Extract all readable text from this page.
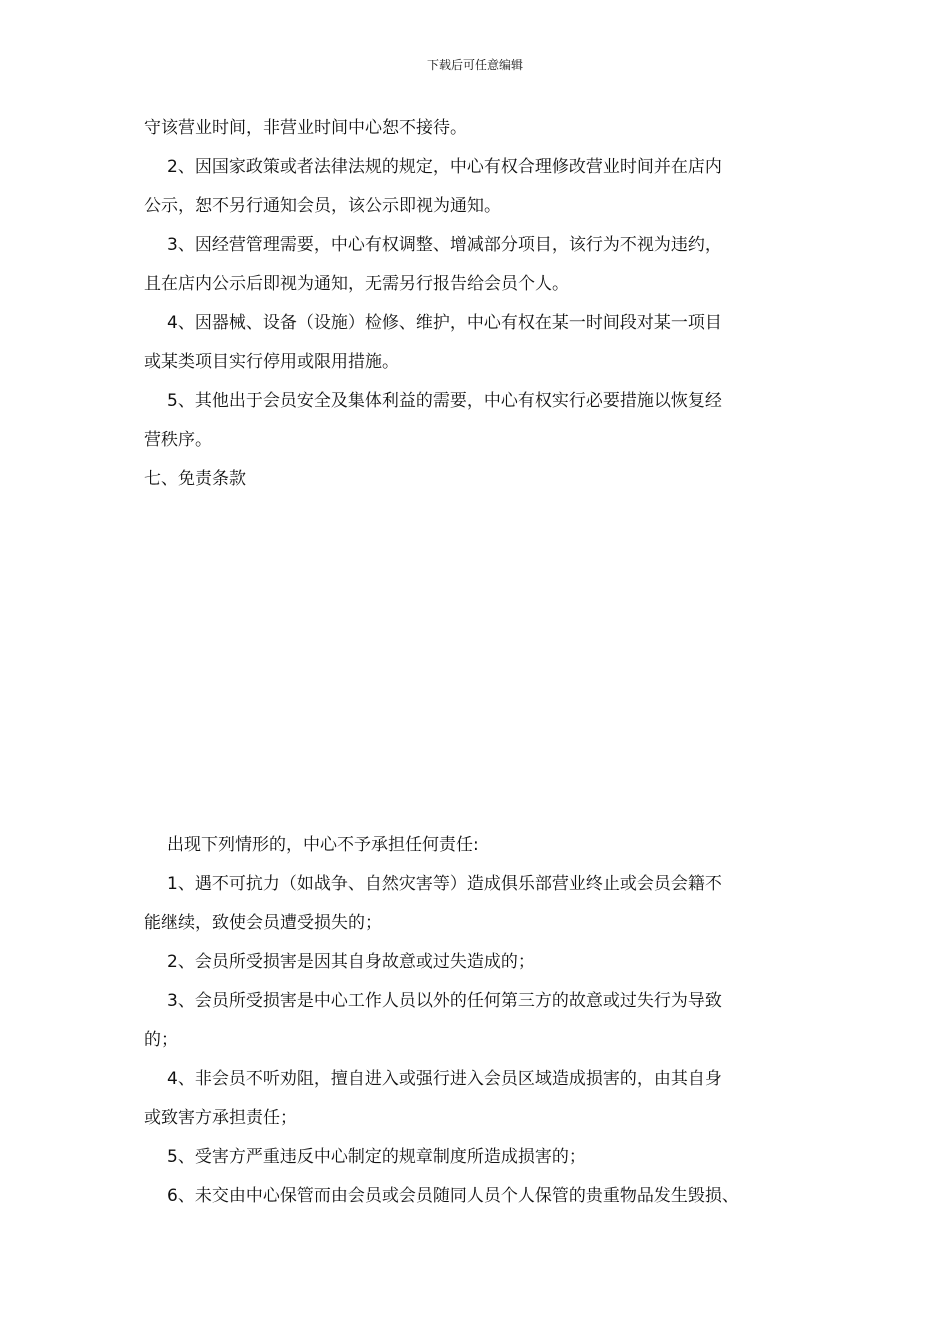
下载后可任意编辑

守该营业时间，非营业时间中心恕不接待。

2、因国家政策或者法律法规的规定，中心有权合理修改营业时间并在店内

公示，恕不另行通知会员，该公示即视为通知。

3、因经营管理需要，中心有权调整、增减部分项目，该行为不视为违约，

且在店内公示后即视为通知，无需另行报告给会员个人。

4、因器械、设备（设施）检修、维护，中心有权在某一时间段对某一项目

或某类项目实行停用或限用措施。

5、其他出于会员安全及集体利益的需要，中心有权实行必要措施以恢复经

营秩序。

七、免责条款

出现下列情形的，中心不予承担任何责任:

1、遇不可抗力（如战争、自然灾害等）造成俱乐部营业终止或会员会籍不

能继续，致使会员遭受损失的；

2、会员所受损害是因其自身故意或过失造成的；

3、会员所受损害是中心工作人员以外的任何第三方的故意或过失行为导致

的；

4、非会员不听劝阻，擅自进入或强行进入会员区域造成损害的，由其自身

或致害方承担责任；

5、受害方严重违反中心制定的规章制度所造成损害的；

6、未交由中心保管而由会员或会员随同人员个人保管的贵重物品发生毁损、
